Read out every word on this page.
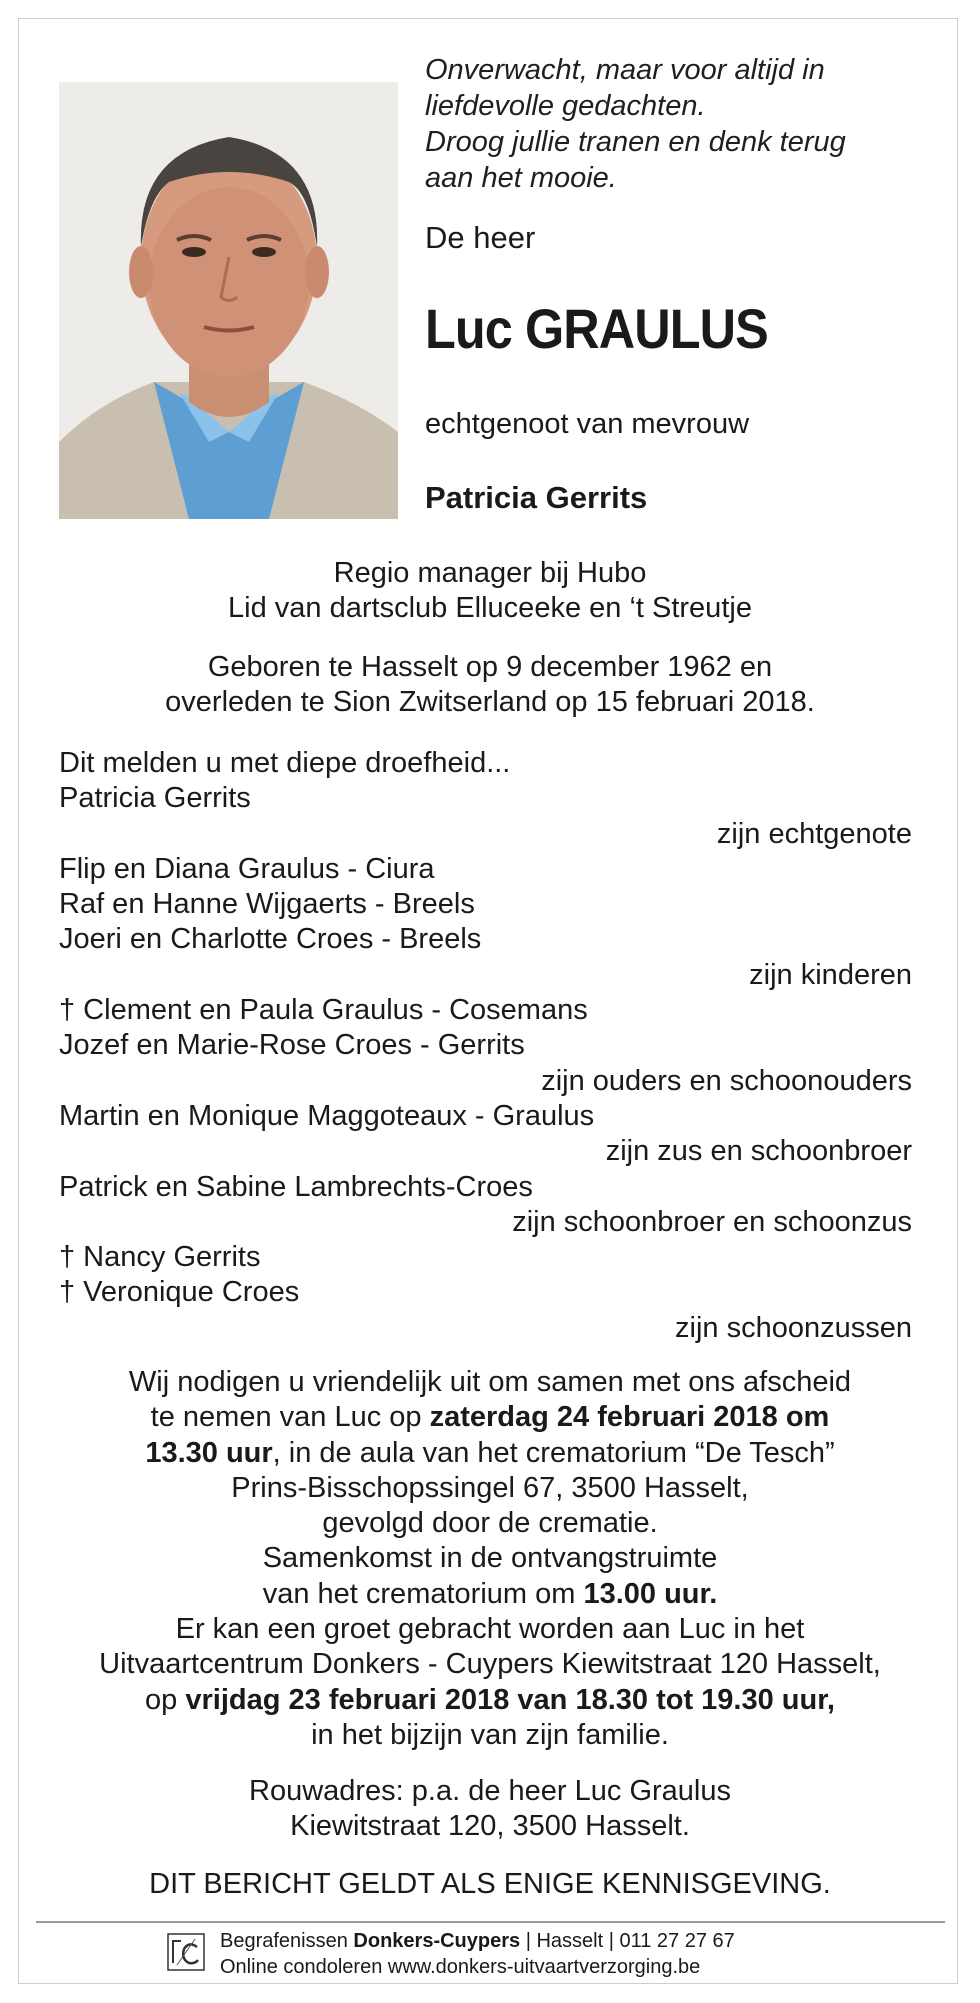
Onverwacht, maar voor altijd in
liefdevolle gedachten.
Droog jullie tranen en denk terug
aan het mooie.
De heer
Luc GRAULUS
echtgenoot van mevrouw
Patricia Gerrits
Regio manager bij Hubo
Lid van dartsclub Elluceeke en ‘t Streutje
Geboren te Hasselt op 9 december 1962 en
overleden te Sion Zwitserland op 15 februari 2018.
Dit melden u met diepe droefheid...
Patricia Gerrits
zijn echtgenote
Flip en Diana Graulus - Ciura
Raf en Hanne Wijgaerts - Breels
Joeri en Charlotte Croes - Breels
zijn kinderen
† Clement en Paula Graulus - Cosemans
Jozef en Marie-Rose Croes - Gerrits
zijn ouders en schoonouders
Martin en Monique Maggoteaux - Graulus
zijn zus en schoonbroer
Patrick en Sabine Lambrechts-Croes
zijn schoonbroer en schoonzus
† Nancy Gerrits
† Veronique Croes
zijn schoonzussen
Wij nodigen u vriendelijk uit om samen met ons afscheid
te nemen van Luc op zaterdag 24 februari 2018 om
13.30 uur, in de aula van het crematorium “De Tesch”
Prins-Bisschopssingel 67, 3500 Hasselt,
gevolgd door de crematie.
Samenkomst in de ontvangstruimte
van het crematorium om 13.00 uur.
Er kan een groet gebracht worden aan Luc in het
Uitvaartcentrum Donkers - Cuypers Kiewitstraat 120 Hasselt,
op vrijdag 23 februari 2018 van 18.30 tot 19.30 uur,
in het bijzijn van zijn familie.
Rouwadres: p.a. de heer Luc Graulus
Kiewitstraat 120, 3500 Hasselt.
DIT BERICHT GELDT ALS ENIGE KENNISGEVING.
Begrafenissen Donkers-Cuypers | Hasselt | 011 27 27 67
Online condoleren www.donkers-uitvaartverzorging.be
